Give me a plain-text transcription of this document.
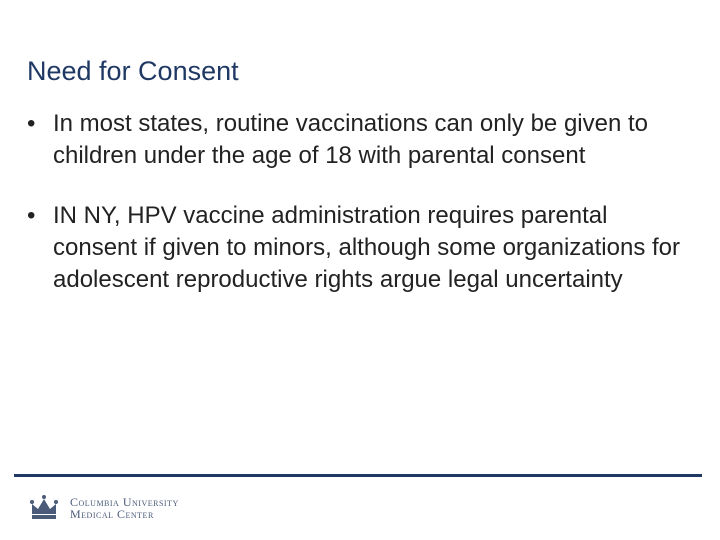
Need for Consent
• In most states, routine vaccinations can only be given to children under the age of 18 with parental consent
• IN NY, HPV vaccine administration requires parental consent if given to minors, although some organizations for adolescent reproductive rights argue legal uncertainty
Columbia University
Medical Center
